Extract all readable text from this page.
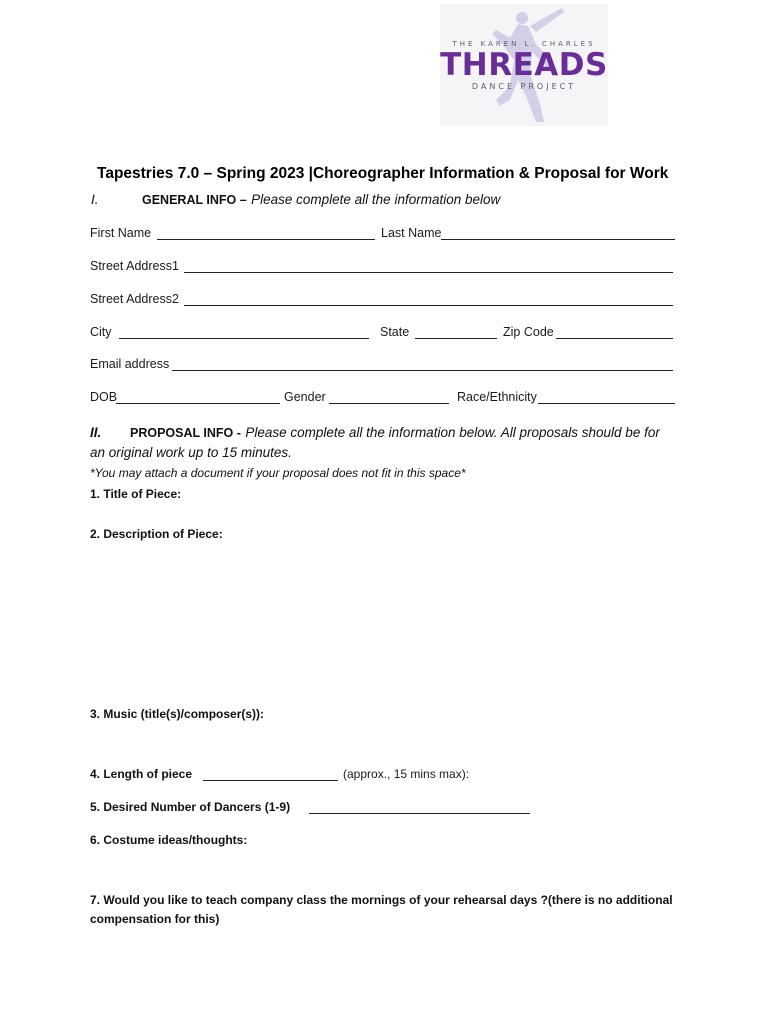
THE KAREN L. CHARLES
THREADS
DANCE PROJECT
Tapestries 7.0 – Spring 2023 |Choreographer Information & Proposal for Work
I.	GENERAL INFO – Please complete all the information below
First Name	Last Name
Street Address1
Street Address2
City	State	Zip Code
Email address
DOB	Gender	Race/Ethnicity
II. PROPOSAL INFO - Please complete all the information below. All proposals should be for
an original work up to 15 minutes.
*You may attach a document if your proposal does not fit in this space*
1. Title of Piece:
2. Description of Piece:
3. Music (title(s)/composer(s)):
4. Length of piece	(approx., 15 mins max):
5. Desired Number of Dancers (1-9)
6. Costume ideas/thoughts:
7. Would you like to teach company class the mornings of your rehearsal days ?(there is no additional
compensation for this)
